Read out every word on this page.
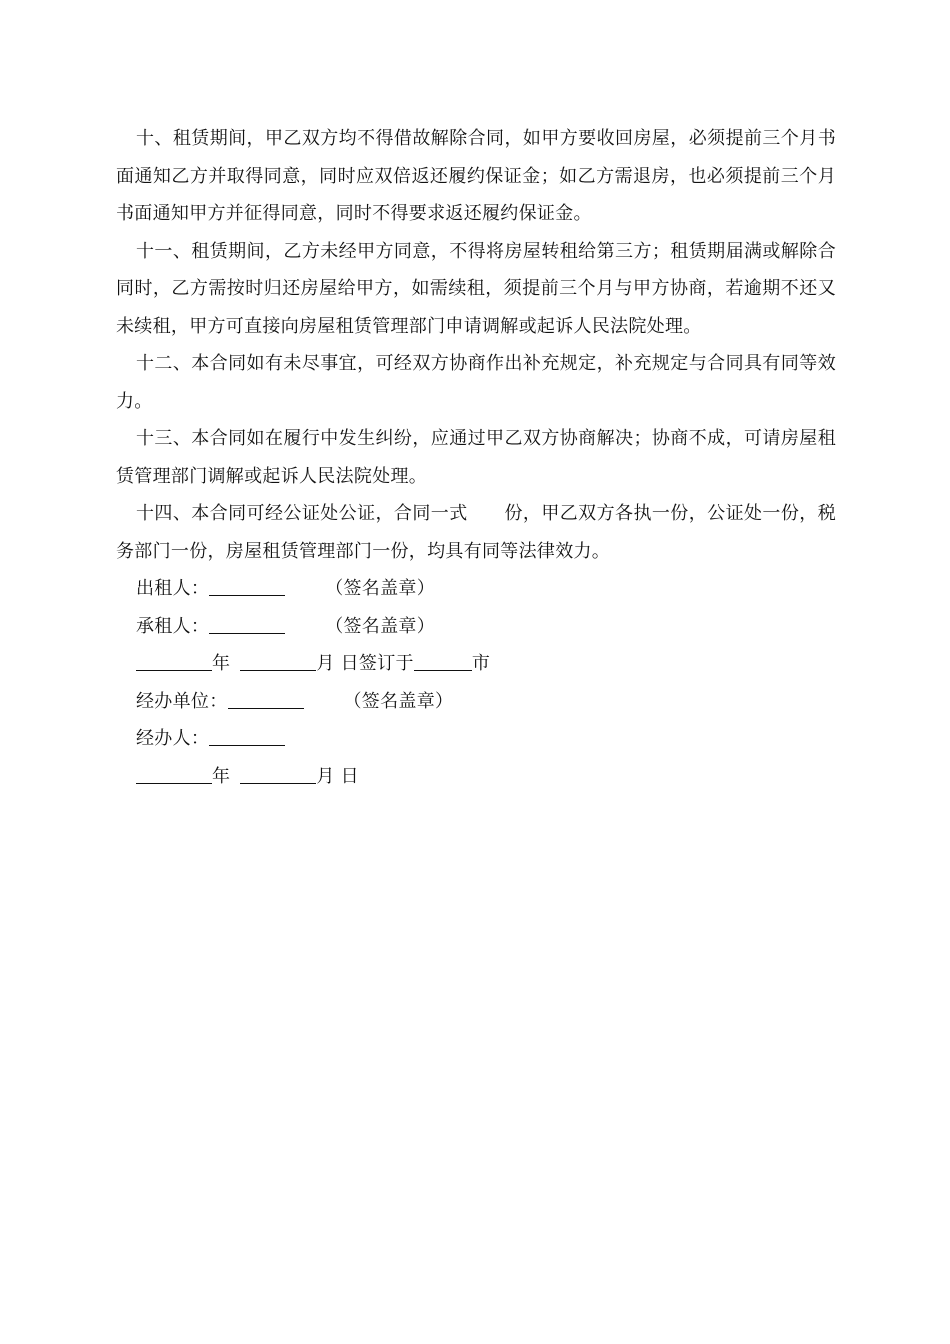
十、租赁期间，甲乙双方均不得借故解除合同，如甲方要收回房屋，必须提前三个月书面通知乙方并取得同意，同时应双倍返还履约保证金；如乙方需退房，也必须提前三个月书面通知甲方并征得同意，同时不得要求返还履约保证金。

十一、租赁期间，乙方未经甲方同意，不得将房屋转租给第三方；租赁期届满或解除合同时，乙方需按时归还房屋给甲方，如需续租，须提前三个月与甲方协商，若逾期不还又未续租，甲方可直接向房屋租赁管理部门申请调解或起诉人民法院处理。

十二、本合同如有未尽事宜，可经双方协商作出补充规定，补充规定与合同具有同等效力。

十三、本合同如在履行中发生纠纷，应通过甲乙双方协商解决；协商不成，可请房屋租赁管理部门调解或起诉人民法院处理。

十四、本合同可经公证处公证，合同一式　　份，甲乙双方各执一份，公证处一份，税务部门一份，房屋租赁管理部门一份，均具有同等法律效力。

出租人：	（签名盖章）
承租人：	（签名盖章）
年	月 日签订于	市
经办单位：	（签名盖章）
经办人：
年	月 日
